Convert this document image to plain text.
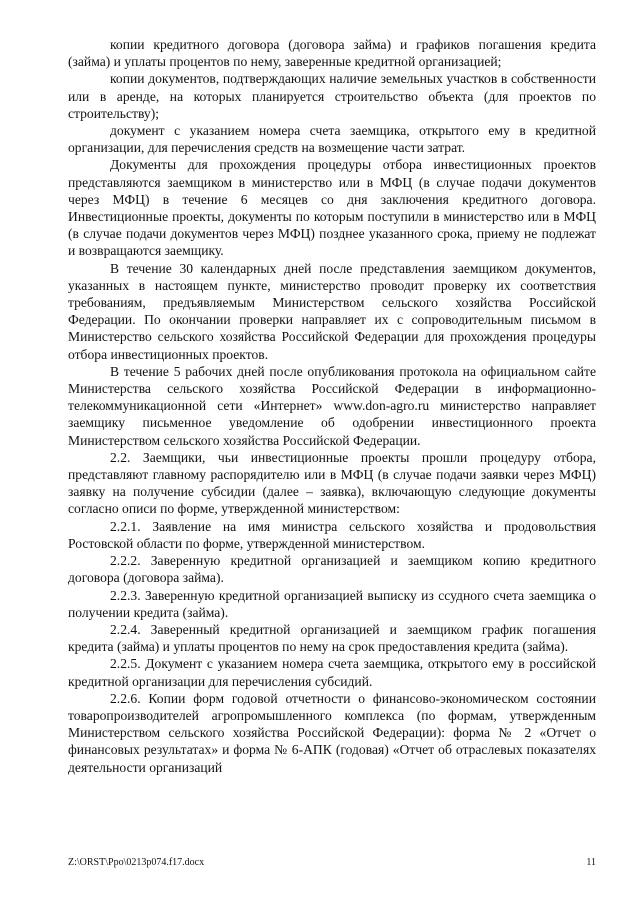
копии кредитного договора (договора займа) и графиков погашения кредита (займа) и уплаты процентов по нему, заверенные кредитной организацией;

копии документов, подтверждающих наличие земельных участков в собственности или в аренде, на которых планируется строительство объекта (для проектов по строительству);

документ с указанием номера счета заемщика, открытого ему в кредитной организации, для перечисления средств на возмещение части затрат.

Документы для прохождения процедуры отбора инвестиционных проектов представляются заемщиком в министерство или в МФЦ (в случае подачи документов через МФЦ) в течение 6 месяцев со дня заключения кредитного договора. Инвестиционные проекты, документы по которым поступили в министерство или в МФЦ (в случае подачи документов через МФЦ) позднее указанного срока, приему не подлежат и возвращаются заемщику.

В течение 30 календарных дней после представления заемщиком документов, указанных в настоящем пункте, министерство проводит проверку их соответствия требованиям, предъявляемым Министерством сельского хозяйства Российской Федерации. По окончании проверки направляет их с сопроводительным письмом в Министерство сельского хозяйства Российской Федерации для прохождения процедуры отбора инвестиционных проектов.

В течение 5 рабочих дней после опубликования протокола на официальном сайте Министерства сельского хозяйства Российской Федерации в информационно-телекоммуникационной сети «Интернет» www.don-agro.ru министерство направляет заемщику письменное уведомление об одобрении инвестиционного проекта Министерством сельского хозяйства Российской Федерации.

2.2. Заемщики, чьи инвестиционные проекты прошли процедуру отбора, представляют главному распорядителю или в МФЦ (в случае подачи заявки через МФЦ) заявку на получение субсидии (далее – заявка), включающую следующие документы согласно описи по форме, утвержденной министерством:

2.2.1. Заявление на имя министра сельского хозяйства и продовольствия Ростовской области по форме, утвержденной министерством.

2.2.2. Заверенную кредитной организацией и заемщиком копию кредитного договора (договора займа).

2.2.3. Заверенную кредитной организацией выписку из ссудного счета заемщика о получении кредита (займа).

2.2.4. Заверенный кредитной организацией и заемщиком график погашения кредита (займа) и уплаты процентов по нему на срок предоставления кредита (займа).

2.2.5. Документ с указанием номера счета заемщика, открытого ему в российской кредитной организации для перечисления субсидий.

2.2.6. Копии форм годовой отчетности о финансово-экономическом состоянии товаропроизводителей агропромышленного комплекса (по формам, утвержденным Министерством сельского хозяйства Российской Федерации): форма № 2 «Отчет о финансовых результатах» и форма № 6-АПК (годовая) «Отчет об отраслевых показателях деятельности организаций

Z:\ORST\Ppo\0213p074.f17.docx	11
